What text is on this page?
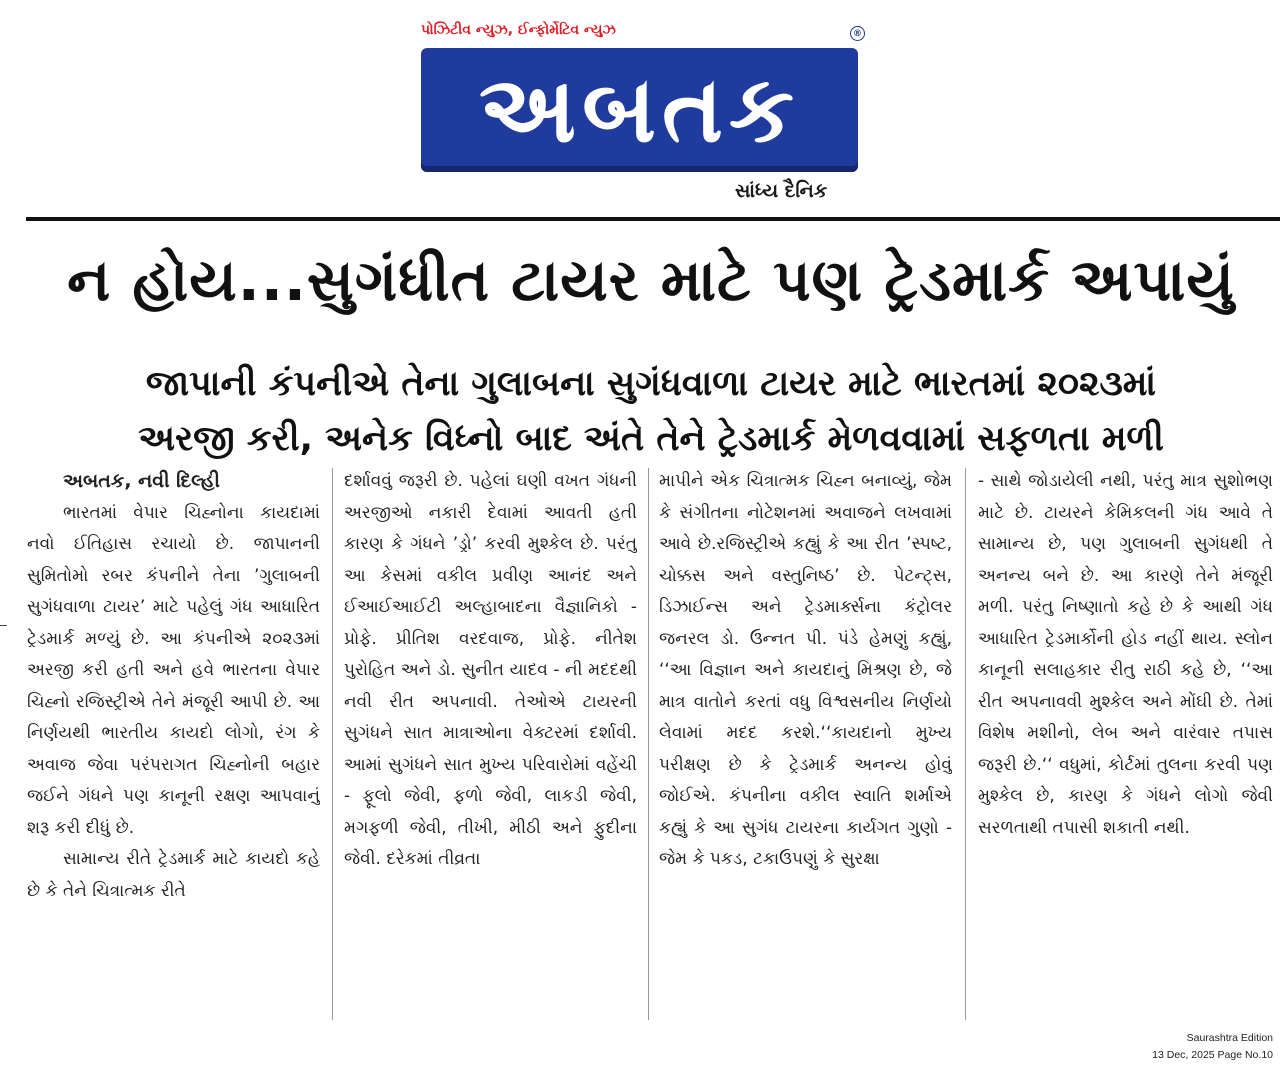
પોઝિટીવ ન્યુઝ, ઈન્ફોર્મેટિવ ન્યુઝ	®
અબતક
સાંધ્ય દૈનિક
ન હોય...સુગંધીત ટાયર માટે પણ ટ્રેડમાર્ક અપાયું
જાપાની કંપનીએ તેના ગુલાબના સુગંધવાળા ટાયર માટે ભારતમાં ૨૦૨૩માં
અરજી કરી, અનેક વિધ્નો બાદ અંતે તેને ટ્રેડમાર્ક મેળવવામાં સફળતા મળી
અબતક, નવી દિલ્હી

ભારતમાં વેપાર ચિહ્નોના કાયદામાં નવો ઈતિહાસ રચાયો છે. જાપાનની સુમિતોમો રબર કંપનીને તેના ’ગુલાબની સુગંધવાળા ટાયર’ માટે પહેલું ગંધ આધારિત ટ્રેડમાર્ક મળ્યું છે. આ કંપનીએ ૨૦૨૩માં અરજી કરી હતી અને હવે ભારતના વેપાર ચિહ્નો રજિસ્ટ્રીએ તેને મંજૂરી આપી છે. આ નિર્ણયથી ભારતીય કાયદો લોગો, રંગ કે અવાજ જેવા પરંપરાગત ચિહ્નોની બહાર જઈને ગંધને પણ કાનૂની રક્ષણ આપવાનું શરૂ કરી દીધું છે.

સામાન્ય રીતે ટ્રેડમાર્ક માટે કાયદો કહે છે કે તેને ચિત્રાત્મક રીતે

દર્શાવવું જરૂરી છે. પહેલાં ઘણી વખત ગંધની અરજીઓ નકારી દેવામાં આવતી હતી કારણ કે ગંધને ’ડ્રો’ કરવી મુશ્કેલ છે. પરંતુ આ કેસમાં વકીલ પ્રવીણ આનંદ અને ઈઆઈઆઈટી અલ્હાબાદના વૈજ્ઞાનિકો - પ્રોફે. પ્રીતિશ વરદવાજ, પ્રોફે. નીતેશ પુરોહિત અને ડો. સુનીત યાદવ - ની મદદથી નવી રીત અપનાવી. તેઓએ ટાયરની સુગંધને સાત માત્રાઓના વેક્ટરમાં દર્શાવી. આમાં સુગંધને સાત મુખ્ય પરિવારોમાં વહેંચી - ફૂલો જેવી, ફળો જેવી, લાકડી જેવી, મગફળી જેવી, તીખી, મીઠી અને ફુદીના જેવી. દરેકમાં તીવ્રતા

માપીને એક ચિત્રાત્મક ચિહ્ન બનાવ્યું, જેમ કે સંગીતના નોટેશનમાં અવાજને લખવામાં આવે છે.રજિસ્ટ્રીએ કહ્યું કે આ રીત ’સ્પષ્ટ, ચોક્કસ અને વસ્તુનિષ્ઠ’ છે. પેટન્ટ્સ, ડિઝાઈન્સ અને ટ્રેડમાર્ક્સના કંટ્રોલર જનરલ ડો. ઉન્નત પી. પંડે હેમણું કહ્યું, ‘‘આ વિજ્ઞાન અને કાયદાનું મિશ્રણ છે, જે માત્ર વાતોને કરતાં વધુ વિશ્વસનીય નિર્ણયો લેવામાં મદદ કરશે.‘‘કાયદાનો મુખ્ય પરીક્ષણ છે કે ટ્રેડમાર્ક અનન્ય હોવું જોઈએ. કંપનીના વકીલ સ્વાતિ શર્માએ કહ્યું કે આ સુગંધ ટાયરના કાર્યગત ગુણો - જેમ કે પકડ, ટકાઉપણું કે સુરક્ષા

- સાથે જોડાયેલી નથી, પરંતુ માત્ર સુશોભણ માટે છે. ટાયરને કેમિકલની ગંધ આવે તે સામાન્ય છે, પણ ગુલાબની સુગંધથી તે અનન્ય બને છે. આ કારણે તેને મંજૂરી મળી. પરંતુ નિષ્ણાતો કહે છે કે આથી ગંધ આધારિત ટ્રેડમાર્કોની હોડ નહીં થાય. સ્લોન કાનૂની સલાહકાર રીતુ રાઠી કહે છે, ‘‘આ રીત અપનાવવી મુશ્કેલ અને મોંઘી છે. તેમાં વિશેષ મશીનો, લેબ અને વારંવાર તપાસ જરૂરી છે.‘‘ વધુમાં, કોર્ટમાં તુલના કરવી પણ મુશ્કેલ છે, કારણ કે ગંધને લોગો જેવી સરળતાથી તપાસી શકાતી નથી.

Saurashtra Edition
13 Dec, 2025 Page No.10
